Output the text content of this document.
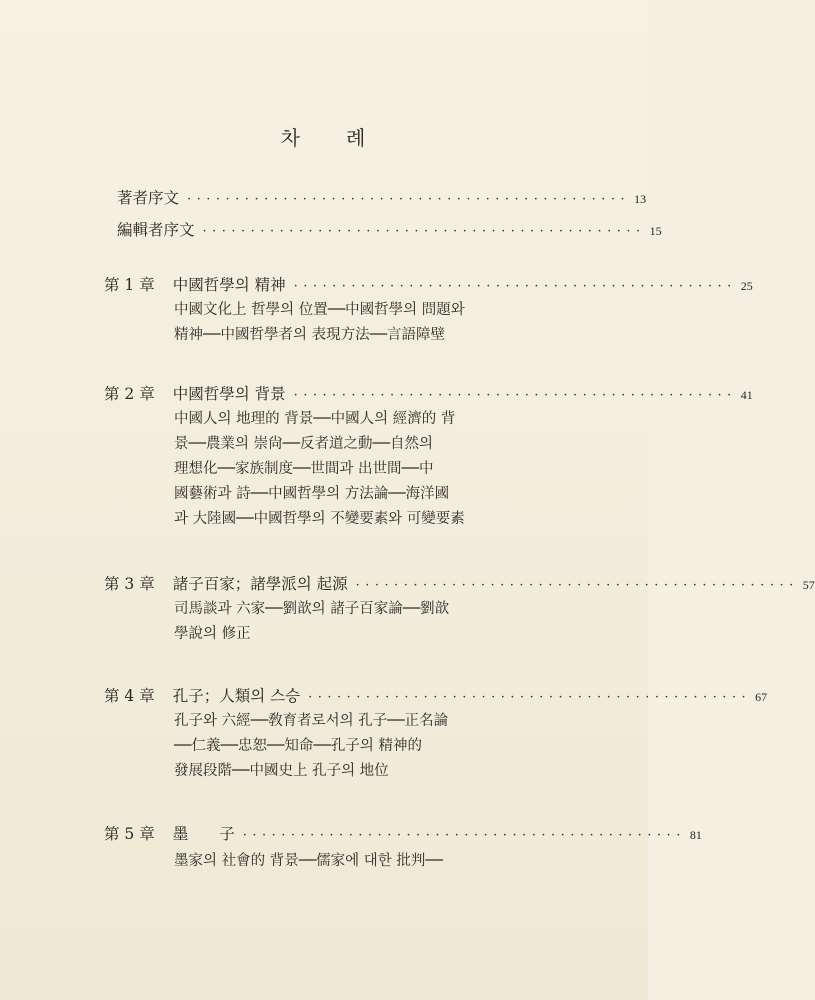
차　　례
著者序文 ·············································· 13
編輯者序文 ·············································· 15
第 1 章 中國哲學의 精神 ·············································· 25
中國文化上 哲學의 位置──中國哲學의 問題와
精神──中國哲學者의 表現方法──言語障壁
第 2 章 中國哲學의 背景 ·············································· 41
中國人의 地理的 背景──中國人의 經濟的 背
景──農業의 崇尙──反者道之動──自然의
理想化──家族制度──世間과 出世間──中
國藝術과 詩──中國哲學의 方法論──海洋國
과 大陸國──中國哲學의 不變要素와 可變要素
第 3 章 諸子百家；諸學派의 起源 ·············································· 57
司馬談과 六家──劉歆의 諸子百家論──劉歆
學說의 修正
第 4 章 孔子；人類의 스승 ·············································· 67
孔子와 六經──敎育者로서의 孔子──正名論
──仁義──忠恕──知命──孔子의 精神的
發展段階──中國史上 孔子의 地位
第 5 章 墨　　子 ·············································· 81
墨家의 社會的 背景──儒家에 대한 批判──
